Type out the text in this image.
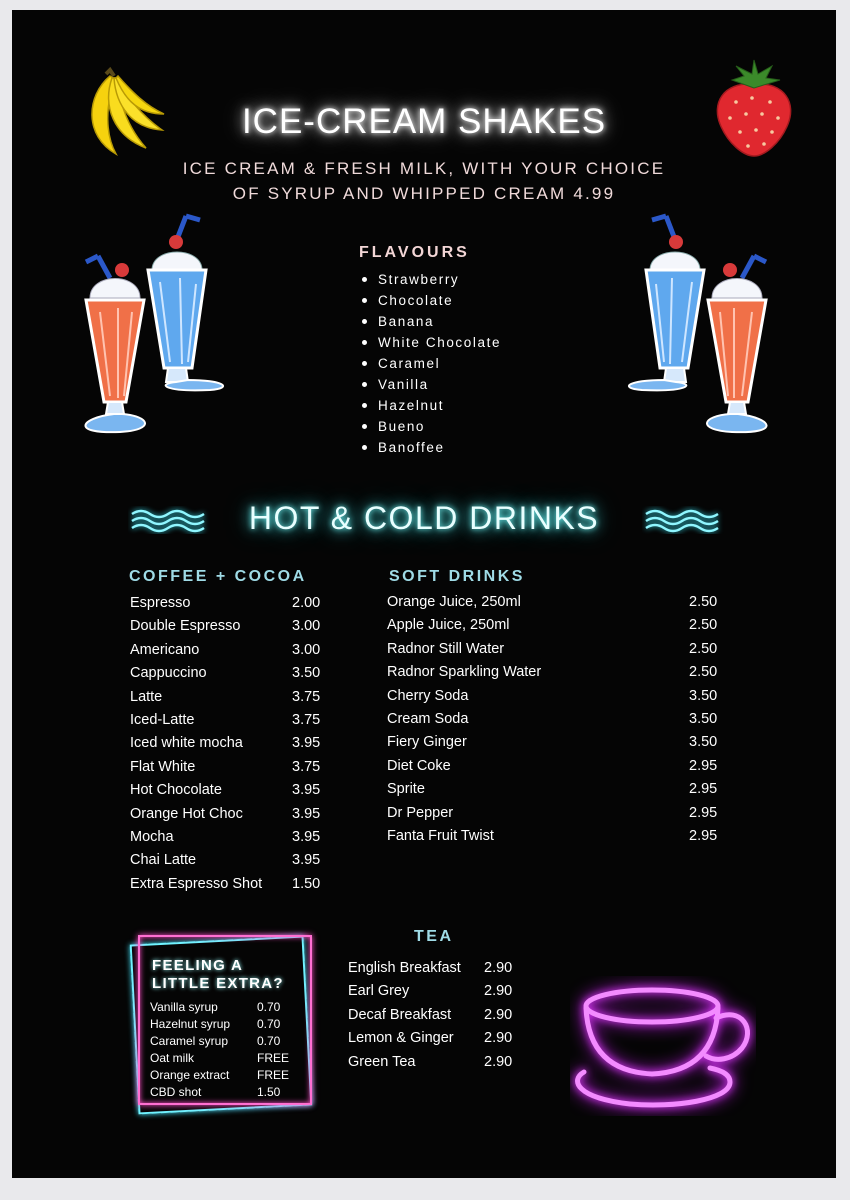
ICE-CREAM SHAKES
ICE CREAM & FRESH MILK, WITH YOUR CHOICE
OF SYRUP AND WHIPPED CREAM 4.99
FLAVOURS
Strawberry
Chocolate
Banana
White Chocolate
Caramel
Vanilla
Hazelnut
Bueno
Banoffee
HOT & COLD DRINKS
COFFEE + COCOA
Espresso	2.00
Double Espresso	3.00
Americano	3.00
Cappuccino	3.50
Latte	3.75
Iced-Latte	3.75
Iced white mocha	3.95
Flat White	3.75
Hot Chocolate	3.95
Orange Hot Choc	3.95
Mocha	3.95
Chai Latte	3.95
Extra Espresso Shot 1.50
SOFT DRINKS
Orange Juice, 250ml	2.50
Apple Juice, 250ml	2.50
Radnor Still Water	2.50
Radnor Sparkling Water	2.50
Cherry Soda	3.50
Cream Soda	3.50
Fiery Ginger	3.50
Diet Coke	2.95
Sprite	2.95
Dr Pepper	2.95
Fanta Fruit Twist	2.95
FEELING A
LITTLE EXTRA?
Vanilla syrup	0.70
Hazelnut syrup 0.70
Caramel syrup 0.70
Oat milk	FREE
Orange extract FREE
CBD shot	1.50
TEA
English Breakfast 2.90
Earl Grey	2.90
Decaf Breakfast 2.90
Lemon & Ginger 2.90
Green Tea	2.90
